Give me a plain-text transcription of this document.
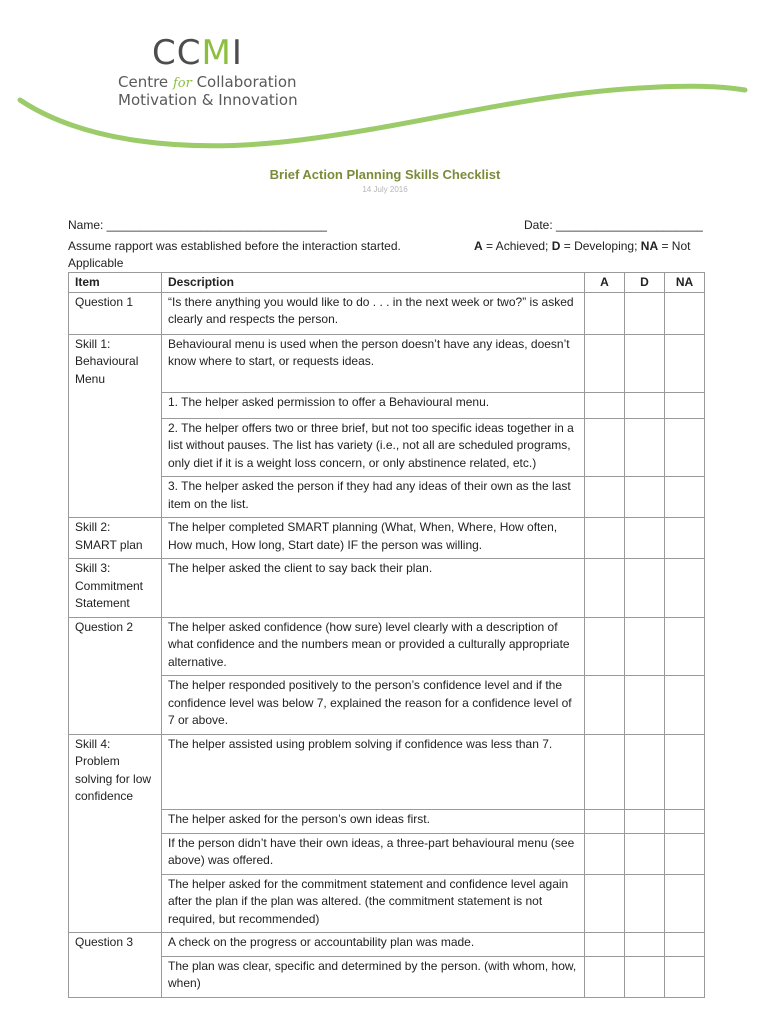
CCMI
Centre for Collaboration
Motivation & Innovation
Brief Action Planning Skills Checklist
14 July 2016
Name: _________________________________	Date: ______________________
Assume rapport was established before the interaction started. Applicable
A = Achieved; D = Developing; NA = Not
Item	Description	A	D	NA
Question 1	“Is there anything you would like to do . . . in the next week or two?” is asked clearly and respects the person.			
Skill 1: Behavioural Menu	Behavioural menu is used when the person doesn’t have any ideas, doesn’t know where to start, or requests ideas.			
	1. The helper asked permission to offer a Behavioural menu.			
	2. The helper offers two or three brief, but not too specific ideas together in a list without pauses. The list has variety (i.e., not all are scheduled programs, only diet if it is a weight loss concern, or only abstinence related, etc.)			
	3. The helper asked the person if they had any ideas of their own as the last item on the list.			
Skill 2: SMART plan	The helper completed SMART planning (What, When, Where, How often, How much, How long, Start date) IF the person was willing.			
Skill 3: Commitment Statement	The helper asked the client to say back their plan.			
Question 2	The helper asked confidence (how sure) level clearly with a description of what confidence and the numbers mean or provided a culturally appropriate alternative.			
	The helper responded positively to the person’s confidence level and if the confidence level was below 7, explained the reason for a confidence level of 7 or above.			
Skill 4: Problem solving for low confidence	The helper assisted using problem solving if confidence was less than 7.			
	The helper asked for the person’s own ideas first.			
	If the person didn’t have their own ideas, a three-part behavioural menu (see above) was offered.			
	The helper asked for the commitment statement and confidence level again after the plan if the plan was altered. (the commitment statement is not required, but recommended)			
Question 3	A check on the progress or accountability plan was made.			
	The plan was clear, specific and determined by the person. (with whom, how, when)			
